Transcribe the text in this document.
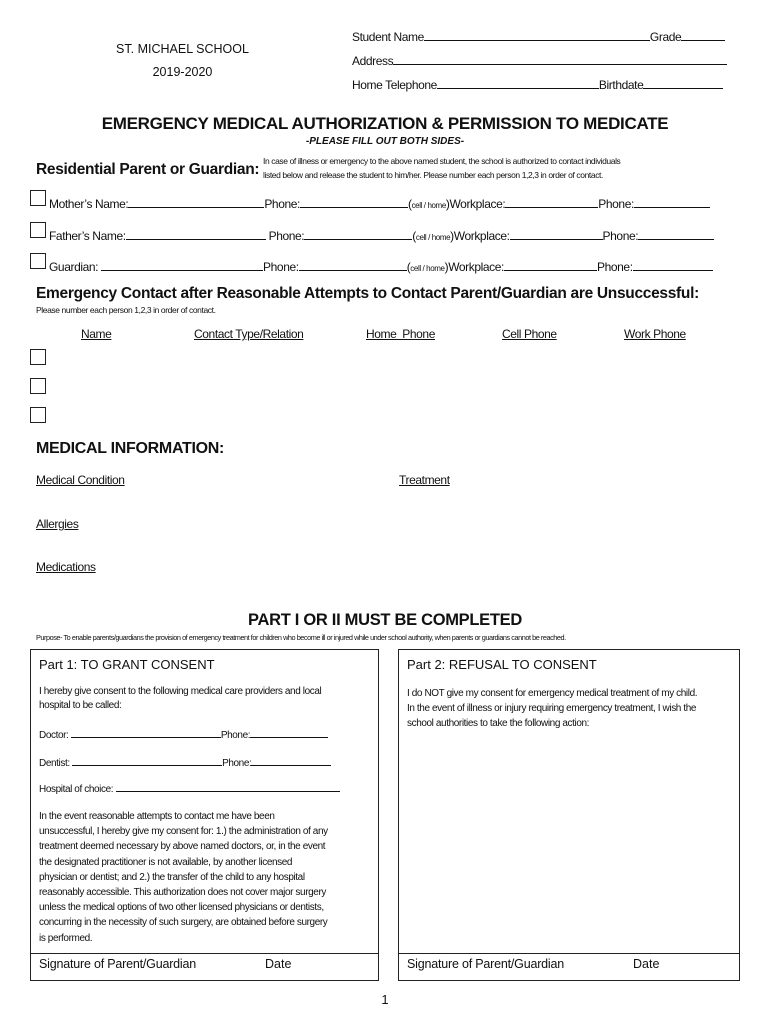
ST. MICHAEL SCHOOL
2019-2020
Student Name	Grade
Address
Home Telephone	Birthdate
EMERGENCY MEDICAL AUTHORIZATION & PERMISSION TO MEDICATE
-PLEASE FILL OUT BOTH SIDES-
Residential Parent or Guardian: In case of illness or emergency to the above named student, the school is authorized to contact individuals
listed below and release the student to him/her. Please number each person 1,2,3 in order of contact.
Mother’s Name:	Phone:	(cell / home)Workplace:	Phone:
Father’s Name:	Phone:	(cell / home)Workplace:	Phone:
Guardian:	Phone:	(cell / home)Workplace:	Phone:
Emergency Contact after Reasonable Attempts to Contact Parent/Guardian are Unsuccessful:
Please number each person 1,2,3 in order of contact.
Name	Contact Type/Relation	Home  Phone	Cell Phone	Work Phone
MEDICAL INFORMATION:
Medical Condition	Treatment
Allergies
Medications
PART I OR II MUST BE COMPLETED
Purpose- To enable parents/guardians the provision of emergency treatment for children who become ill or injured while under school authority, when parents or guardians cannot be reached.
Part 1: TO GRANT CONSENT
I hereby give consent to the following medical care providers and local
hospital to be called:
Doctor:	Phone:
Dentist:	Phone:
Hospital of choice:
In the event reasonable attempts to contact me have been
unsuccessful, I hereby give my consent for: 1.) the administration of any
treatment deemed necessary by above named doctors, or, in the event
the designated practitioner is not available, by another licensed
physician or dentist; and 2.) the transfer of the child to any hospital
reasonably accessible. This authorization does not cover major surgery
unless the medical options of two other licensed physicians or dentists,
concurring in the necessity of such surgery, are obtained before surgery
is performed.
Signature of Parent/Guardian	Date
Part 2: REFUSAL TO CONSENT
I do NOT give my consent for emergency medical treatment of my child.
In the event of illness or injury requiring emergency treatment, I wish the
school authorities to take the following action:
Signature of Parent/Guardian	Date
1
